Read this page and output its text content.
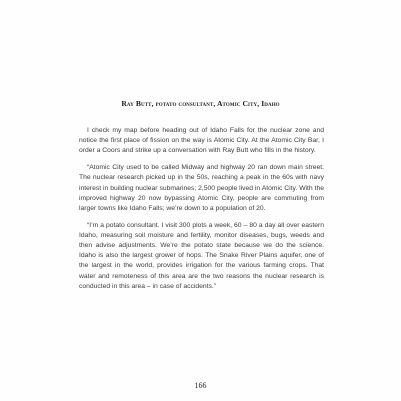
Ray Butt, potato consultant, Atomic City, Idaho

I check my map before heading out of Idaho Falls for the nuclear zone and notice the first place of fission on the way is Atomic City. At the Atomic City Bar, I order a Coors and strike up a conversation with Ray Butt who fills in the history.

“Atomic City used to be called Midway and highway 20 ran down main street. The nuclear research picked up in the 50s, reaching a peak in the 60s with navy interest in building nuclear submarines; 2,500 people lived in Atomic City. With the improved highway 20 now bypassing Atomic City, people are commuting from larger towns like Idaho Falls; we’re down to a population of 20.

“I’m a potato consultant. I visit 300 plots a week, 60 – 80 a day all over eastern Idaho, measuring soil moisture and fertility, monitor diseases, bugs, weeds and then advise adjustments. We’re the potato state because we do the science. Idaho is also the largest grower of hops. The Snake River Plains aquifer, one of the largest in the world, provides irrigation for the various farming crops. That water and remoteness of this area are the two reasons the nuclear research is conducted in this area – in case of accidents.”

166
